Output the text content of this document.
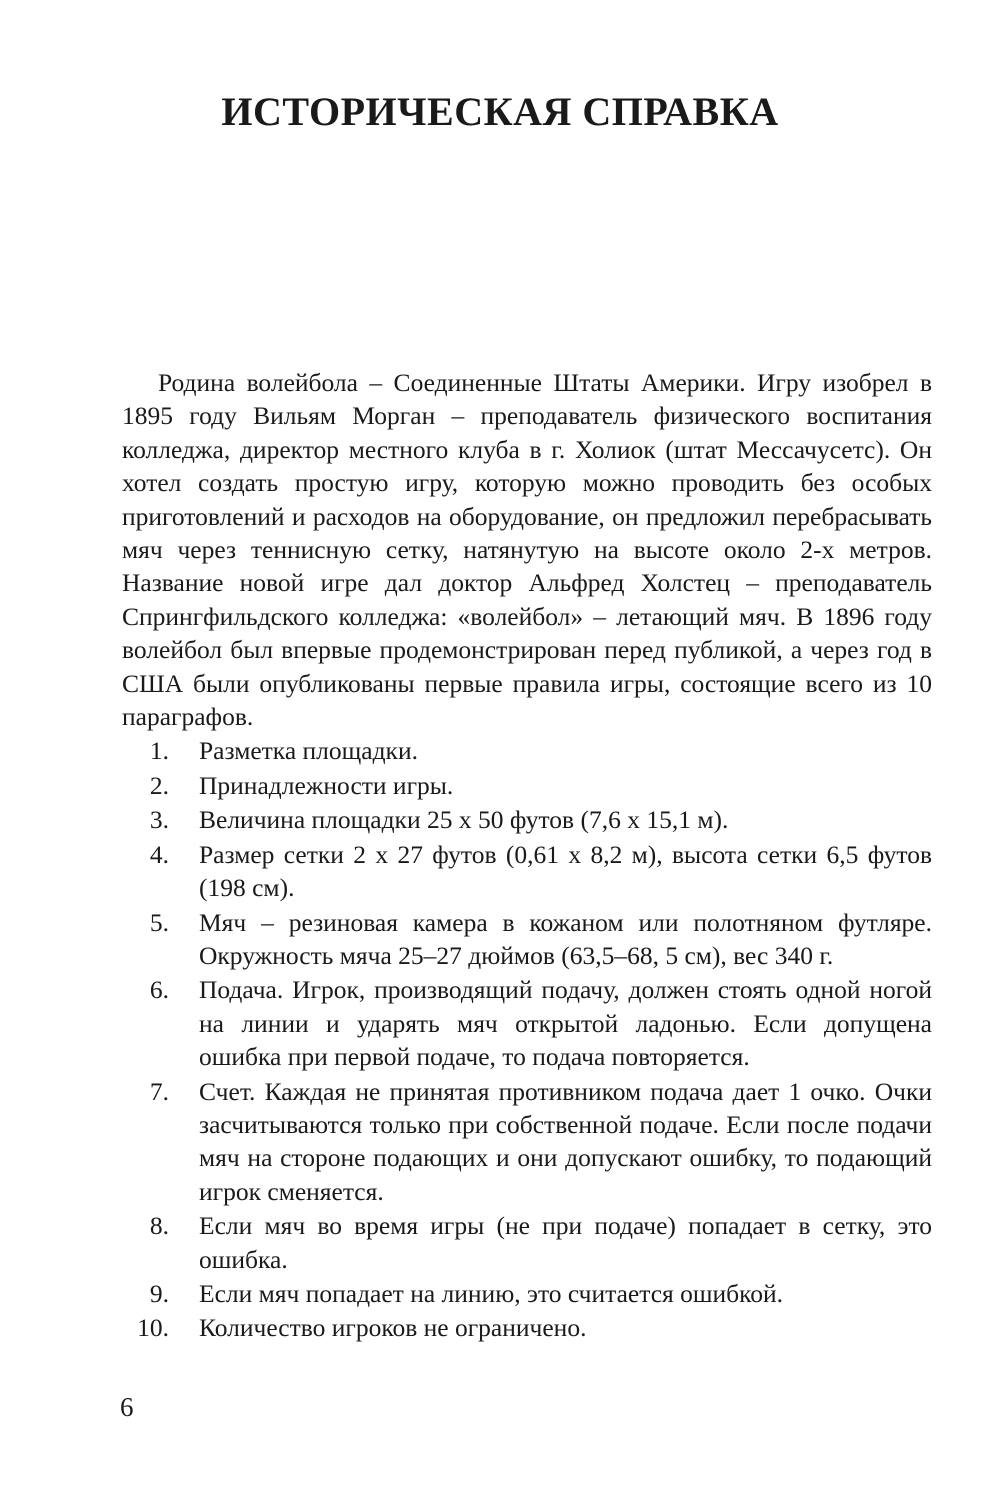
ИСТОРИЧЕСКАЯ СПРАВКА

Родина волейбола – Соединенные Штаты Америки. Игру изобрел в 1895 году Вильям Морган – преподаватель физического воспитания колледжа, директор местного клуба в г. Холиок (штат Мессачусетс). Он хотел создать простую игру, которую можно проводить без особых приготовлений и расходов на оборудование, он предложил перебрасывать мяч через теннисную сетку, натянутую на высоте около 2-х метров. Название новой игре дал доктор Альфред Холстец – преподаватель Спрингфильдского колледжа: «волейбол» – летающий мяч. В 1896 году волейбол был впервые продемонстрирован перед публикой, а через год в США были опубликованы первые правила игры, состоящие всего из 10 параграфов.

1. Разметка площадки.
2. Принадлежности игры.
3. Величина площадки 25 х 50 футов (7,6 х 15,1 м).
4. Размер сетки 2 х 27 футов (0,61 х 8,2 м), высота сетки 6,5 футов (198 см).
5. Мяч – резиновая камера в кожаном или полотняном футляре. Окружность мяча 25–27 дюймов (63,5–68, 5 см), вес 340 г.
6. Подача. Игрок, производящий подачу, должен стоять одной ногой на линии и ударять мяч открытой ладонью. Если допущена ошибка при первой подаче, то подача повторяется.
7. Счет. Каждая не принятая противником подача дает 1 очко. Очки засчитываются только при собственной подаче. Если после подачи мяч на стороне подающих и они допускают ошибку, то подающий игрок сменяется.
8. Если мяч во время игры (не при подаче) попадает в сетку, это ошибка.
9. Если мяч попадает на линию, это считается ошибкой.
10. Количество игроков не ограничено.
6
